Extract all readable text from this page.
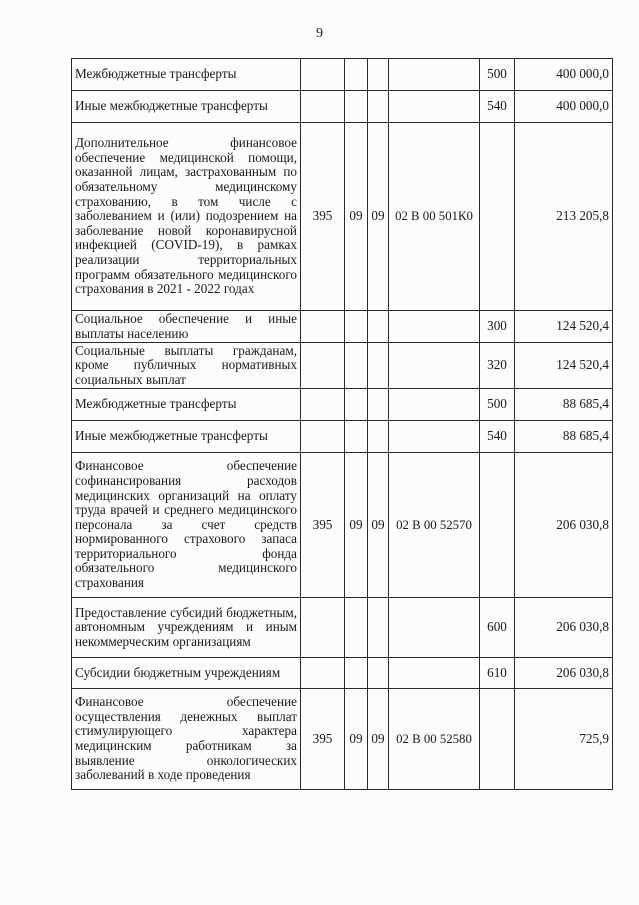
9
Межбюджетные трансферты					500	400 000,0
Иные межбюджетные трансферты					540	400 000,0
Дополнительное финансовое обеспечение медицинской помощи, оказанной лицам, застрахованным по обязательному медицинскому страхованию, в том числе с заболеванием и (или) подозрением на заболевание новой коронавирусной инфекцией (COVID-19), в рамках реализации территориальных программ обязательного медицинского страхования в 2021 - 2022 годах	395	09	09	02 В 00 501К0		213 205,8
Социальное обеспечение и иные выплаты населению					300	124 520,4
Социальные выплаты гражданам, кроме публичных нормативных социальных выплат					320	124 520,4
Межбюджетные трансферты					500	88 685,4
Иные межбюджетные трансферты					540	88 685,4
Финансовое обеспечение софинансирования расходов медицинских организаций на оплату труда врачей и среднего медицинского персонала за счет средств нормированного страхового запаса территориального фонда обязательного медицинского страхования	395	09	09	02 В 00 52570		206 030,8
Предоставление субсидий бюджетным, автономным учреждениям и иным некоммерческим организациям					600	206 030,8
Субсидии бюджетным учреждениям					610	206 030,8
Финансовое обеспечение осуществления денежных выплат стимулирующего характера медицинским работникам за выявление онкологических заболеваний в ходе проведения	395	09	09	02 В 00 52580		725,9
